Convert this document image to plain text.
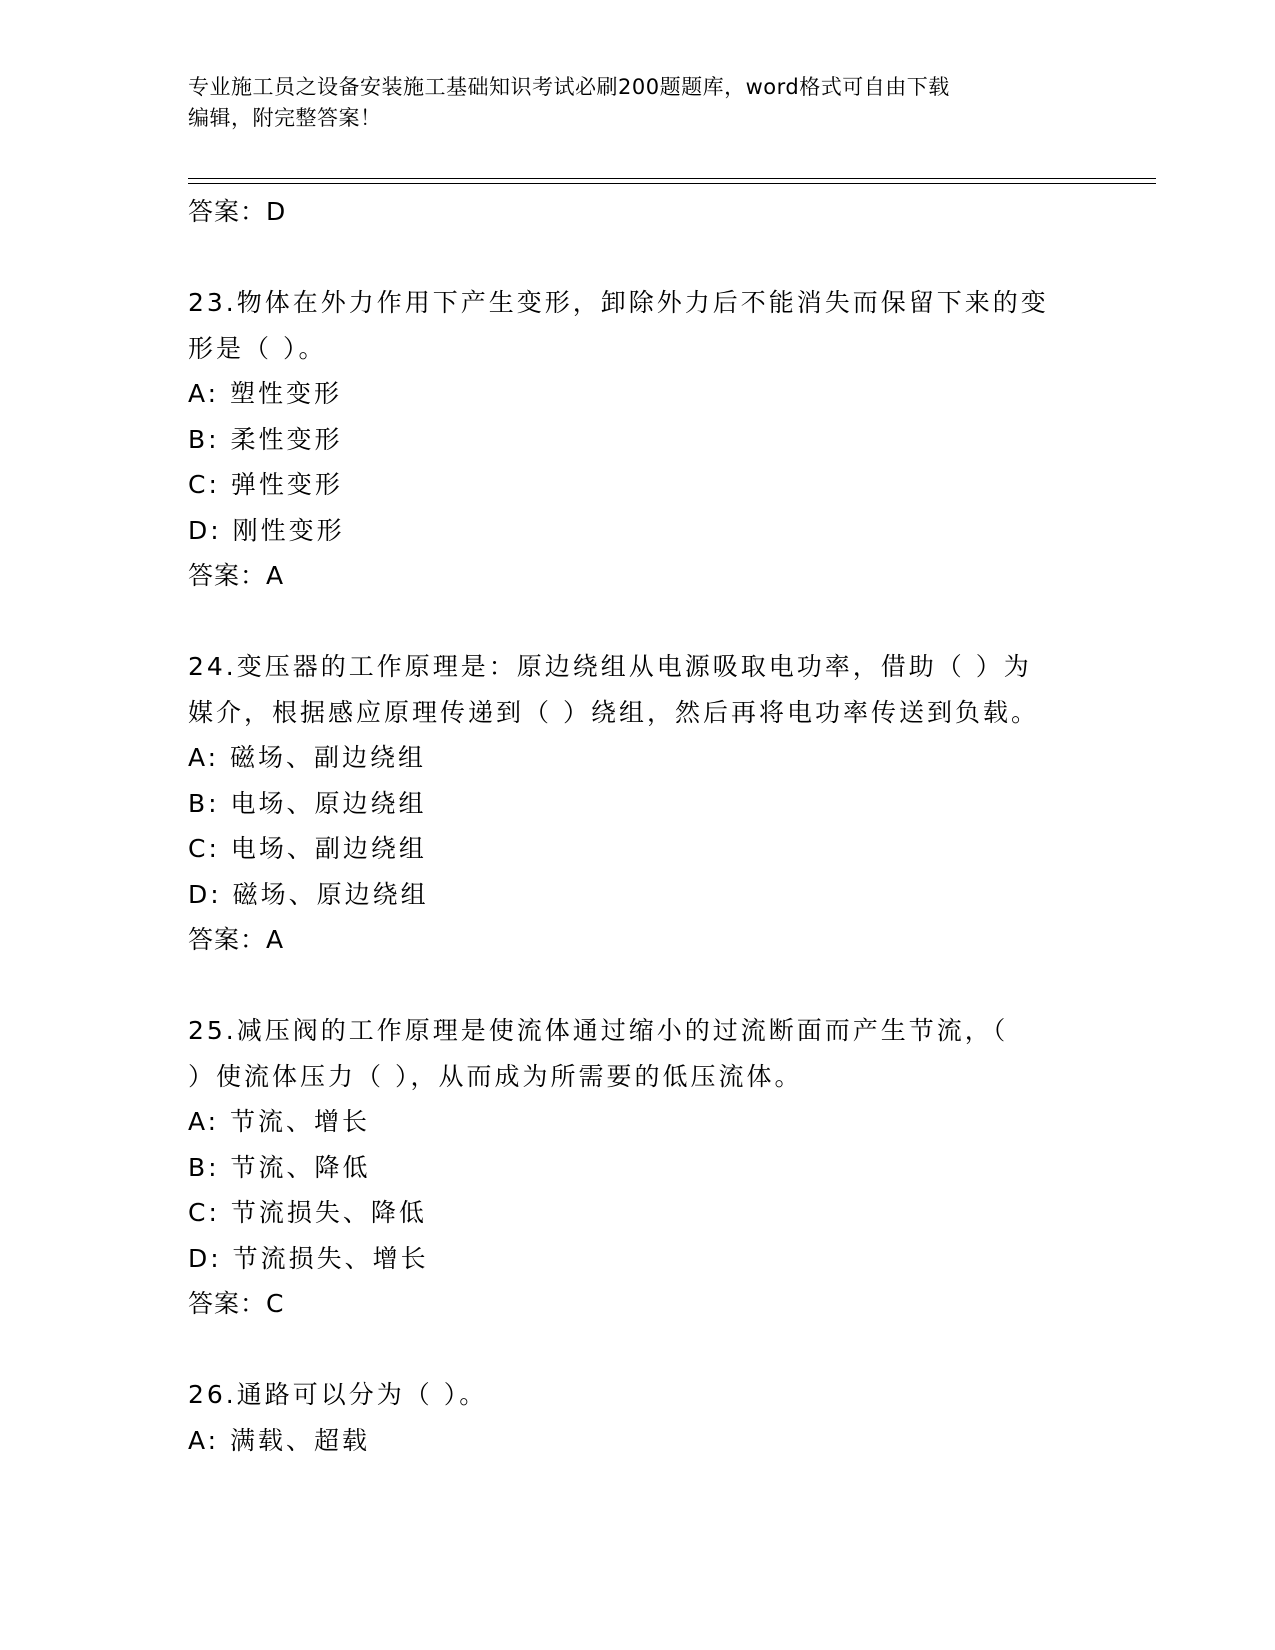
专业施工员之设备安装施工基础知识考试必刷200题题库，word格式可自由下载
编辑，附完整答案！
答案：D
23.物体在外力作用下产生变形，卸除外力后不能消失而保留下来的变
形是（ ）。
A: 塑性变形
B: 柔性变形
C: 弹性变形
D: 刚性变形
答案：A
24.变压器的工作原理是：原边绕组从电源吸取电功率，借助（ ）为
媒介，根据感应原理传递到（ ）绕组，然后再将电功率传送到负载。
A: 磁场、副边绕组
B: 电场、原边绕组
C: 电场、副边绕组
D: 磁场、原边绕组
答案：A
25.减压阀的工作原理是使流体通过缩小的过流断面而产生节流，（
）使流体压力（ ），从而成为所需要的低压流体。
A: 节流、增长
B: 节流、降低
C: 节流损失、降低
D: 节流损失、增长
答案：C
26.通路可以分为（ ）。
A: 满载、超载
